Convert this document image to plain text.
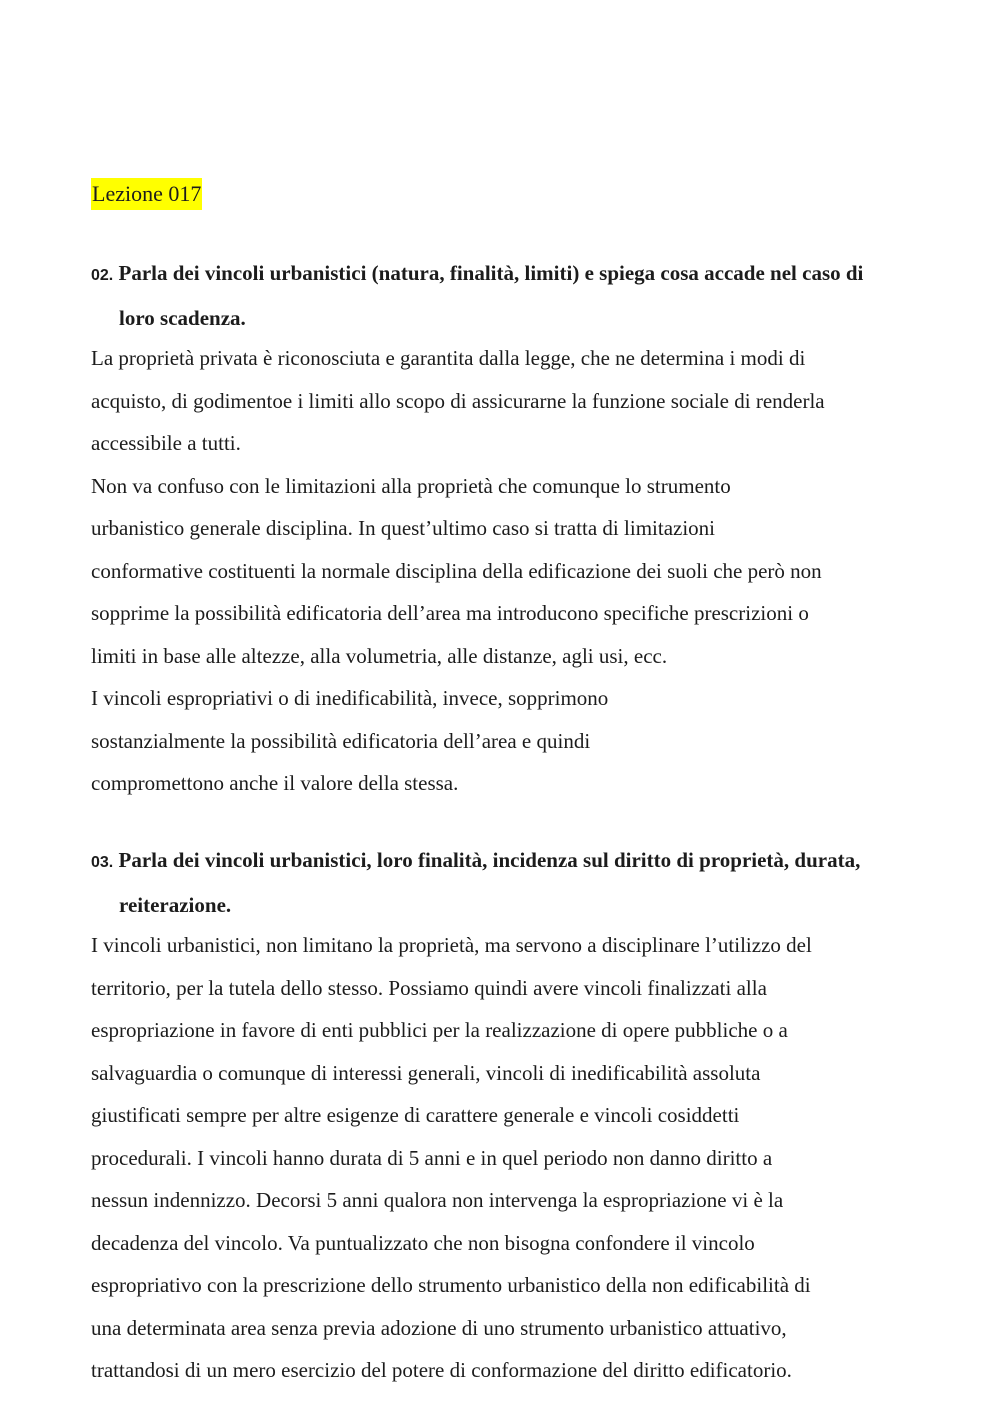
Lezione 017
02. Parla dei vincoli urbanistici (natura, finalità, limiti) e spiega cosa accade nel caso di
loro scadenza.
La proprietà privata è riconosciuta e garantita dalla legge, che ne determina i modi di
acquisto, di godimentoe i limiti allo scopo di assicurarne la funzione sociale di renderla
accessibile a tutti.
Non va confuso con le limitazioni alla proprietà che comunque lo strumento
urbanistico generale disciplina. In quest’ultimo caso si tratta di limitazioni
conformative costituenti la normale disciplina della edificazione dei suoli che però non
sopprime la possibilità edificatoria dell’area ma introducono specifiche prescrizioni o
limiti in base alle altezze, alla volumetria, alle distanze, agli usi, ecc.
I vincoli espropriativi o di inedificabilità, invece, sopprimono
sostanzialmente la possibilità edificatoria dell’area e quindi
compromettono anche il valore della stessa.
03. Parla dei vincoli urbanistici, loro finalità, incidenza sul diritto di proprietà, durata,
reiterazione.
I vincoli urbanistici, non limitano la proprietà, ma servono a disciplinare l’utilizzo del
territorio, per la tutela dello stesso. Possiamo quindi avere vincoli finalizzati alla
espropriazione in favore di enti pubblici per la realizzazione di opere pubbliche o a
salvaguardia o comunque di interessi generali, vincoli di inedificabilità assoluta
giustificati sempre per altre esigenze di carattere generale e vincoli cosiddetti
procedurali. I vincoli hanno durata di 5 anni e in quel periodo non danno diritto a
nessun indennizzo. Decorsi 5 anni qualora non intervenga la espropriazione vi è la
decadenza del vincolo. Va puntualizzato che non bisogna confondere il vincolo
espropriativo con la prescrizione dello strumento urbanistico della non edificabilità di
una determinata area senza previa adozione di uno strumento urbanistico attuativo,
trattandosi di un mero esercizio del potere di conformazione del diritto edificatorio.
